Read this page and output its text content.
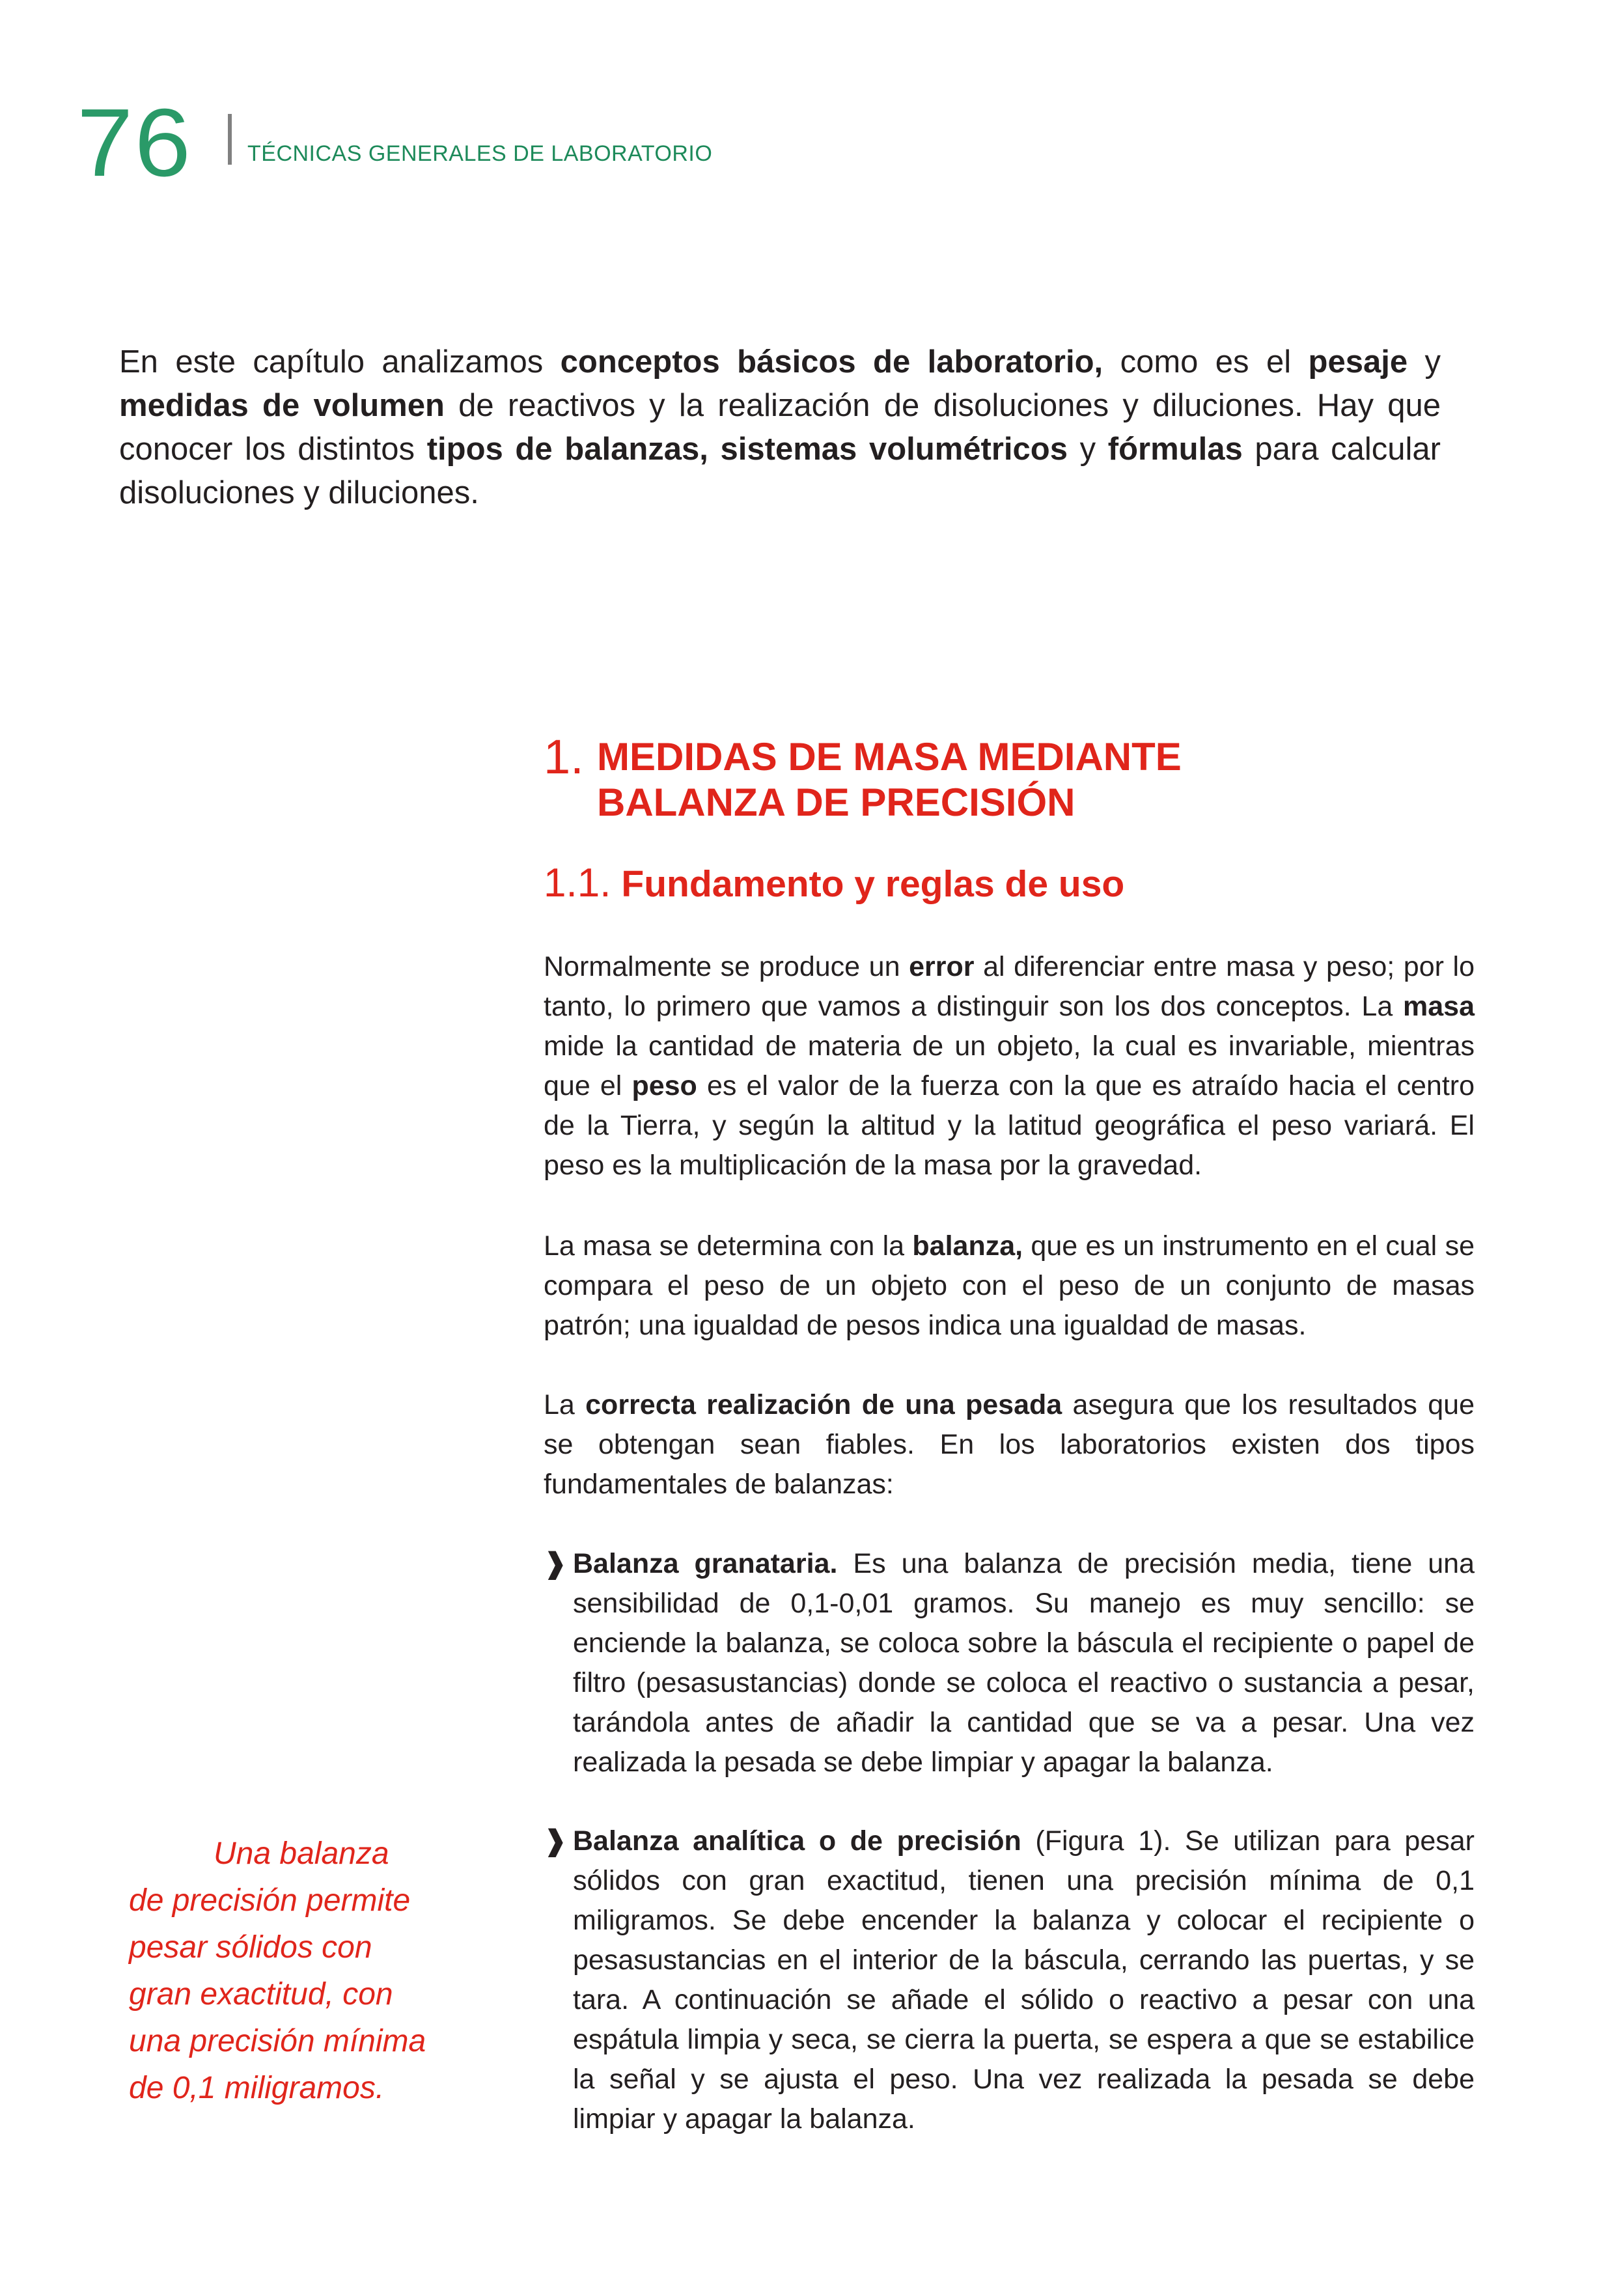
76 TÉCNICAS GENERALES DE LABORATORIO

En este capítulo analizamos conceptos básicos de laboratorio, como es el pesaje y medidas de volumen de reactivos y la realización de disoluciones y diluciones. Hay que conocer los distintos tipos de balanzas, sistemas volumétricos y fórmulas para calcular disoluciones y diluciones.

1. MEDIDAS DE MASA MEDIANTE
BALANZA DE PRECISIÓN
1.1. Fundamento y reglas de uso

Normalmente se produce un error al diferenciar entre masa y peso; por lo tanto, lo primero que vamos a distinguir son los dos conceptos. La masa mide la cantidad de materia de un objeto, la cual es invariable, mientras que el peso es el valor de la fuerza con la que es atraído hacia el centro de la Tierra, y según la altitud y la latitud geográfica el peso variará. El peso es la multiplicación de la masa por la gravedad.

La masa se determina con la balanza, que es un instrumento en el cual se compara el peso de un objeto con el peso de un conjunto de masas patrón; una igualdad de pesos indica una igualdad de masas.

La correcta realización de una pesada asegura que los resultados que se obtengan sean fiables. En los laboratorios existen dos tipos fundamentales de balanzas:

❱ Balanza granataria. Es una balanza de precisión media, tiene una sensibilidad de 0,1-0,01 gramos. Su manejo es muy sencillo: se enciende la balanza, se coloca sobre la báscula el recipiente o papel de filtro (pesasustancias) donde se coloca el reactivo o sustancia a pesar, tarándola antes de añadir la cantidad que se va a pesar. Una vez realizada la pesada se debe limpiar y apagar la balanza.
❱ Balanza analítica o de precisión (Figura 1). Se utilizan para pesar sólidos con gran exactitud, tienen una precisión mínima de 0,1 miligramos. Se debe encender la balanza y colocar el recipiente o pesasustancias en el interior de la báscula, cerrando las puertas, y se tara. A continuación se añade el sólido o reactivo a pesar con una espátula limpia y seca, se cierra la puerta, se espera a que se estabilice la señal y se ajusta el peso. Una vez realizada la pesada se debe limpiar y apagar la balanza.
Una balanza
de precisión permite
pesar sólidos con
gran exactitud, con
una precisión mínima
de 0,1 miligramos.
